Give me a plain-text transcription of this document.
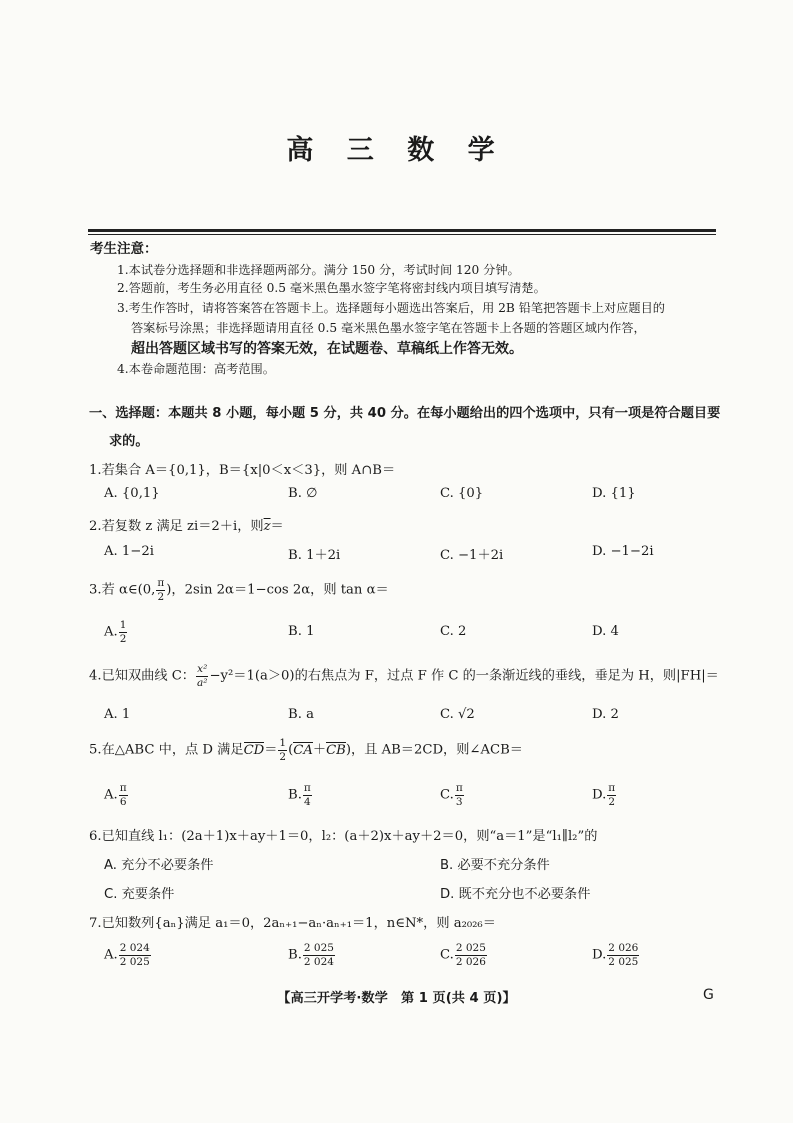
高 三 数 学
考生注意：
1.本试卷分选择题和非选择题两部分。满分 150 分，考试时间 120 分钟。
2.答题前，考生务必用直径 0.5 毫米黑色墨水签字笔将密封线内项目填写清楚。
3.考生作答时，请将答案答在答题卡上。选择题每小题选出答案后，用 2B 铅笔把答题卡上对应题目的
答案标号涂黑；非选择题请用直径 0.5 毫米黑色墨水签字笔在答题卡上各题的答题区域内作答，
超出答题区域书写的答案无效，在试题卷、草稿纸上作答无效。
4.本卷命题范围：高考范围。
一、选择题：本题共 8 小题，每小题 5 分，共 40 分。在每小题给出的四个选项中，只有一项是符合题目要
求的。
1.若集合 A＝{0,1}，B＝{x|0＜x＜3}，则 A∩B＝
A. {0,1}	B. ∅	C. {0}	D. {1}
2.若复数 z 满足 zi＝2＋i，则$\overline{z}=$
A. 1−2i	B. 1＋2i	C. −1＋2i	D. −1−2i
3.若 α∈(0, $\frac{\pi}{2}$ )，2sin 2α＝1−cos 2α，则 tan α＝
A. $\frac{1}{2}$	B. 1	C. 2	D. 4
4.已知双曲线 C： $\frac{\text{x²}}{\text{a²}} -y^2=1(a>0)$的右焦点为 F，过点 F 作 C 的一条渐近线的垂线，垂足为 H，则|FH|＝
A. 1	B. a	C. √2	D. 2
5.在△ABC 中，点 D 满足$CD= \frac{1}{2} (CA+CB)$，且 AB＝2CD，则∠ACB＝
A. $\frac{\pi}{6}$	B. $\frac{\pi}{4}$	C. $\frac{\pi}{3}$	D. $\frac{\pi}{2}$
6.已知直线 l₁：(2a＋1)x＋ay＋1＝0，l₂：(a＋2)x＋ay＋2＝0，则“a＝1”是“l₁∥l₂”的
A. 充分不必要条件	B. 必要不充分条件
C. 充要条件	D. 既不充分也不必要条件
7.已知数列{aₙ}满足 a₁＝0，2aₙ₊₁−aₙ·aₙ₊₁＝1，n∈N*，则 a₂₀₂₆＝
A. $\frac{2 024}{2 025}$	B. $\frac{2 025}{2 024}$	C. $\frac{2 025}{2 026}$	D. $\frac{2 026}{2 025}$
【高三开学考·数学　第 1 页(共 4 页)】	G
